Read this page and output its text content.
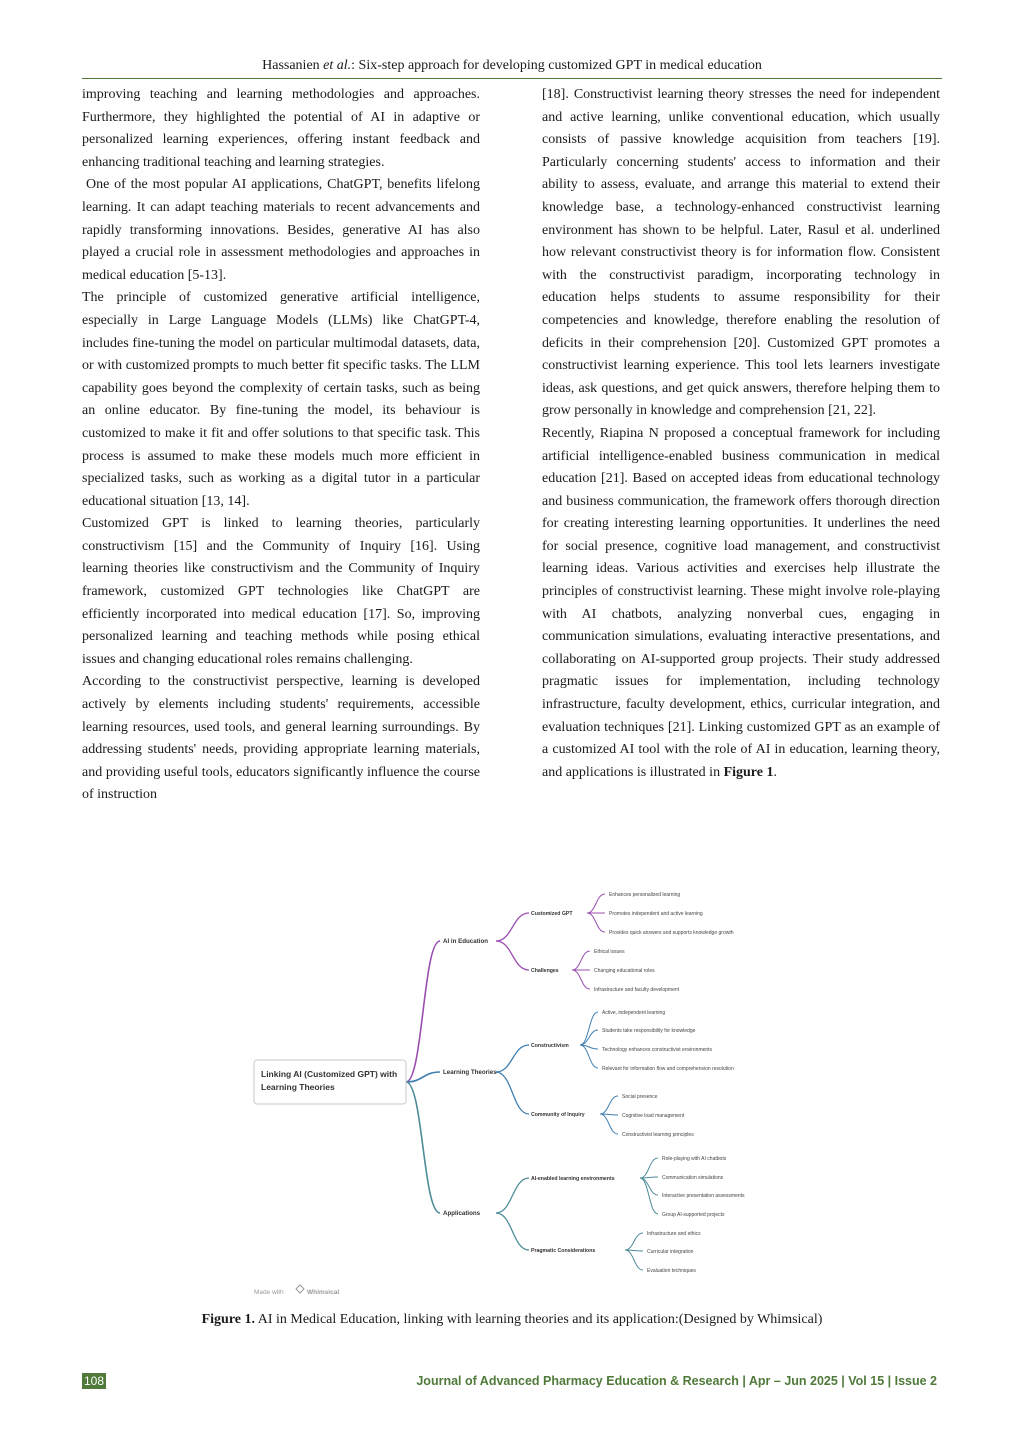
Hassanien et al.: Six-step approach for developing customized GPT in medical education

improving teaching and learning methodologies and approaches. Furthermore, they highlighted the potential of AI in adaptive or personalized learning experiences, offering instant feedback and enhancing traditional teaching and learning strategies.

One of the most popular AI applications, ChatGPT, benefits lifelong learning. It can adapt teaching materials to recent advancements and rapidly transforming innovations. Besides, generative AI has also played a crucial role in assessment methodologies and approaches in medical education [5-13].

The principle of customized generative artificial intelligence, especially in Large Language Models (LLMs) like ChatGPT-4, includes fine-tuning the model on particular multimodal datasets, data, or with customized prompts to much better fit specific tasks. The LLM capability goes beyond the complexity of certain tasks, such as being an online educator. By fine-tuning the model, its behaviour is customized to make it fit and offer solutions to that specific task. This process is assumed to make these models much more efficient in specialized tasks, such as working as a digital tutor in a particular educational situation [13, 14].

Customized GPT is linked to learning theories, particularly constructivism [15] and the Community of Inquiry [16]. Using learning theories like constructivism and the Community of Inquiry framework, customized GPT technologies like ChatGPT are efficiently incorporated into medical education [17]. So, improving personalized learning and teaching methods while posing ethical issues and changing educational roles remains challenging.

According to the constructivist perspective, learning is developed actively by elements including students' requirements, accessible learning resources, used tools, and general learning surroundings. By addressing students' needs, providing appropriate learning materials, and providing useful tools, educators significantly influence the course of instruction

[18]. Constructivist learning theory stresses the need for independent and active learning, unlike conventional education, which usually consists of passive knowledge acquisition from teachers [19]. Particularly concerning students' access to information and their ability to assess, evaluate, and arrange this material to extend their knowledge base, a technology-enhanced constructivist learning environment has shown to be helpful. Later, Rasul et al. underlined how relevant constructivist theory is for information flow. Consistent with the constructivist paradigm, incorporating technology in education helps students to assume responsibility for their competencies and knowledge, therefore enabling the resolution of deficits in their comprehension [20]. Customized GPT promotes a constructivist learning experience. This tool lets learners investigate ideas, ask questions, and get quick answers, therefore helping them to grow personally in knowledge and comprehension [21, 22].

Recently, Riapina N proposed a conceptual framework for including artificial intelligence-enabled business communication in medical education [21]. Based on accepted ideas from educational technology and business communication, the framework offers thorough direction for creating interesting learning opportunities. It underlines the need for social presence, cognitive load management, and constructivist learning ideas. Various activities and exercises help illustrate the principles of constructivist learning. These might involve role-playing with AI chatbots, analyzing nonverbal cues, engaging in communication simulations, evaluating interactive presentations, and collaborating on AI-supported group projects. Their study addressed pragmatic issues for implementation, including technology infrastructure, faculty development, ethics, curricular integration, and evaluation techniques [21]. Linking customized GPT as an example of a customized AI tool with the role of AI in education, learning theory, and applications is illustrated in Figure 1.

Linking AI (Customized GPT) with
Learning Theories
AI in Education
Customized GPT
Enhances personalized learning
Promotes independent and active learning
Provides quick answers and supports knowledge growth
Challenges
Ethical issues
Changing educational roles
Infrastructure and faculty development
Learning Theories
Constructivism
Active, independent learning
Students take responsibility for knowledge
Technology enhances constructivist environments
Relevant for information flow and comprehension resolution
Community of Inquiry
Social presence
Cognitive load management
Constructivist learning principles
Applications
AI-enabled learning environments
Role-playing with AI chatbots
Communication simulations
Interactive presentation assessments
Group AI-supported projects
Pragmatic Considerations
Infrastructure and ethics
Curricular integration
Evaluation techniques
Made with	Whimsical
Figure 1. AI in Medical Education, linking with learning theories and its application:(Designed by Whimsical)
108	Journal of Advanced Pharmacy Education & Research | Apr – Jun 2025 | Vol 15 | Issue 2
